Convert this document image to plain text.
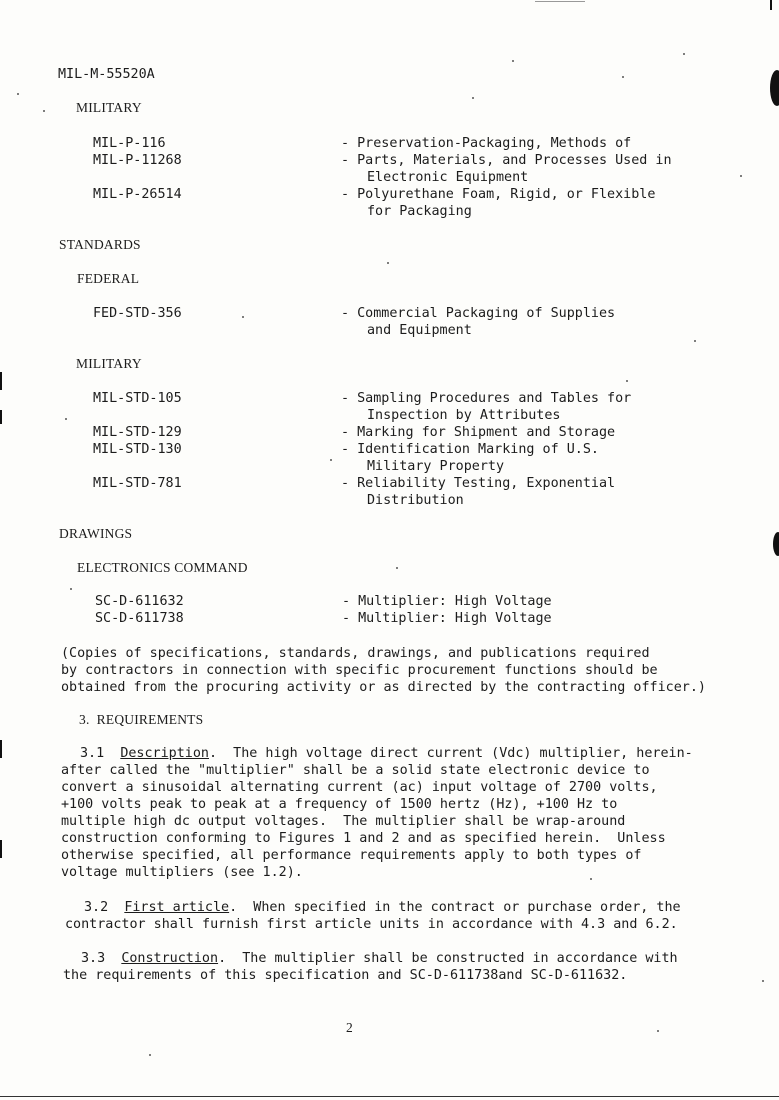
MIL-M-55520A
MILITARY
MIL-P-116	- Preservation-Packaging, Methods of
MIL-P-11268	- Parts, Materials, and Processes Used in
Electronic Equipment
MIL-P-26514	- Polyurethane Foam, Rigid, or Flexible
for Packaging
STANDARDS
FEDERAL
FED-STD-356	- Commercial Packaging of Supplies
and Equipment
MILITARY
MIL-STD-105	- Sampling Procedures and Tables for
Inspection by Attributes
MIL-STD-129	- Marking for Shipment and Storage
MIL-STD-130	- Identification Marking of U.S.
Military Property
MIL-STD-781	- Reliability Testing, Exponential
Distribution
DRAWINGS
ELECTRONICS COMMAND
SC-D-611632	- Multiplier: High Voltage
SC-D-611738	- Multiplier: High Voltage
(Copies of specifications, standards, drawings, and publications required
by contractors in connection with specific procurement functions should be
obtained from the procuring activity or as directed by the contracting officer.)
3.  REQUIREMENTS
3.1 Description.  The high voltage direct current (Vdc) multiplier, herein-
after called the "multiplier" shall be a solid state electronic device to
convert a sinusoidal alternating current (ac) input voltage of 2700 volts,
+100 volts peak to peak at a frequency of 1500 hertz (Hz), +100 Hz to
multiple high dc output voltages.  The multiplier shall be wrap-around
construction conforming to Figures 1 and 2 and as specified herein.  Unless
otherwise specified, all performance requirements apply to both types of
voltage multipliers (see 1.2).
3.2 First article.  When specified in the contract or purchase order, the
contractor shall furnish first article units in accordance with 4.3 and 6.2.
3.3 Construction.  The multiplier shall be constructed in accordance with
the requirements of this specification and SC-D-611738and SC-D-611632.
2
